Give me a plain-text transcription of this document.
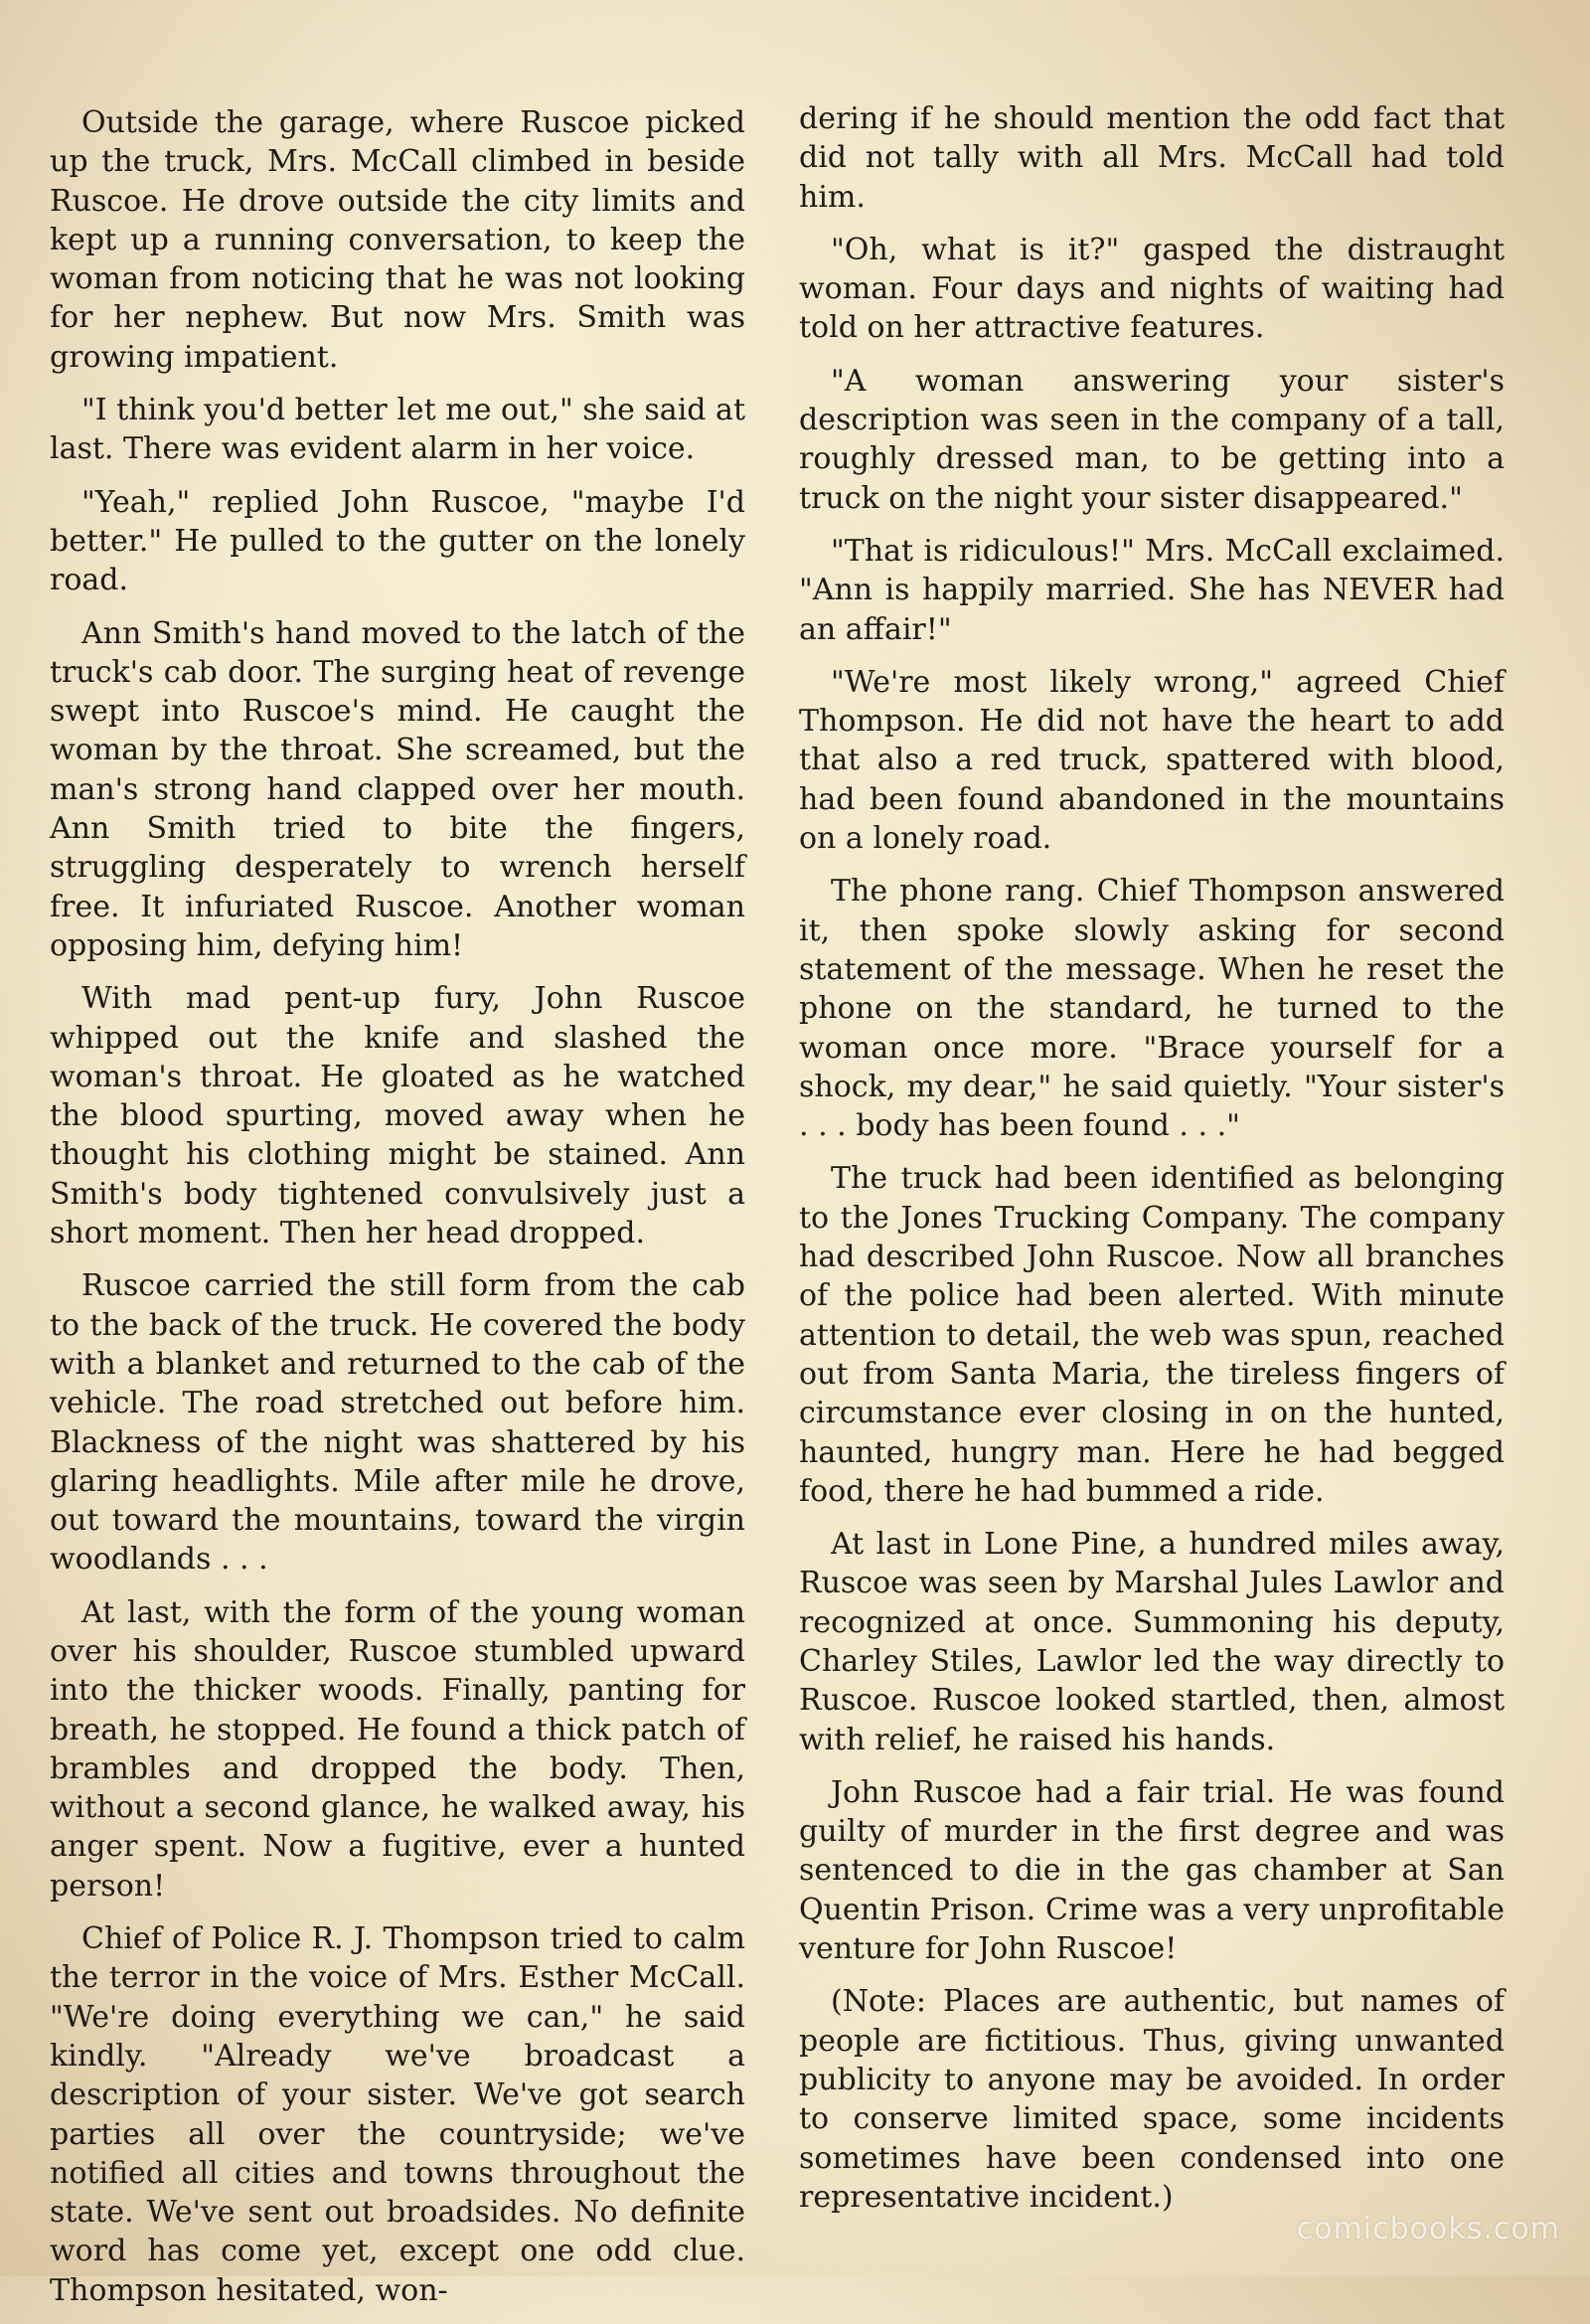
Outside the garage, where Ruscoe picked up the truck, Mrs. McCall climbed in beside Ruscoe. He drove outside the city limits and kept up a running conversation, to keep the woman from noticing that he was not looking for her nephew. But now Mrs. Smith was growing impatient.

"I think you'd better let me out," she said at last. There was evident alarm in her voice.

"Yeah," replied John Ruscoe, "maybe I'd better." He pulled to the gutter on the lonely road.

Ann Smith's hand moved to the latch of the truck's cab door. The surging heat of revenge swept into Ruscoe's mind. He caught the woman by the throat. She screamed, but the man's strong hand clapped over her mouth. Ann Smith tried to bite the fingers, struggling desperately to wrench herself free. It infuriated Ruscoe. Another woman opposing him, defying him!

With mad pent-up fury, John Ruscoe whipped out the knife and slashed the woman's throat. He gloated as he watched the blood spurting, moved away when he thought his clothing might be stained. Ann Smith's body tightened convulsively just a short moment. Then her head dropped.

Ruscoe carried the still form from the cab to the back of the truck. He covered the body with a blanket and returned to the cab of the vehicle. The road stretched out before him. Blackness of the night was shattered by his glaring headlights. Mile after mile he drove, out toward the mountains, toward the virgin woodlands . . .

At last, with the form of the young woman over his shoulder, Ruscoe stumbled upward into the thicker woods. Finally, panting for breath, he stopped. He found a thick patch of brambles and dropped the body. Then, without a second glance, he walked away, his anger spent. Now a fugitive, ever a hunted person!

Chief of Police R. J. Thompson tried to calm the terror in the voice of Mrs. Esther McCall. "We're doing everything we can," he said kindly. "Already we've broadcast a description of your sister. We've got search parties all over the countryside; we've notified all cities and towns throughout the state. We've sent out broadsides. No definite word has come yet, except one odd clue. Thompson hesitated, won-

dering if he should mention the odd fact that did not tally with all Mrs. McCall had told him.

"Oh, what is it?" gasped the distraught woman. Four days and nights of waiting had told on her attractive features.

"A woman answering your sister's description was seen in the company of a tall, roughly dressed man, to be getting into a truck on the night your sister disappeared."

"That is ridiculous!" Mrs. McCall exclaimed. "Ann is happily married. She has NEVER had an affair!"

"We're most likely wrong," agreed Chief Thompson. He did not have the heart to add that also a red truck, spattered with blood, had been found abandoned in the mountains on a lonely road.

The phone rang. Chief Thompson answered it, then spoke slowly asking for second statement of the message. When he reset the phone on the standard, he turned to the woman once more. "Brace yourself for a shock, my dear," he said quietly. "Your sister's . . . body has been found . . ."

The truck had been identified as belonging to the Jones Trucking Company. The company had described John Ruscoe. Now all branches of the police had been alerted. With minute attention to detail, the web was spun, reached out from Santa Maria, the tireless fingers of circumstance ever closing in on the hunted, haunted, hungry man. Here he had begged food, there he had bummed a ride.

At last in Lone Pine, a hundred miles away, Ruscoe was seen by Marshal Jules Lawlor and recognized at once. Summoning his deputy, Charley Stiles, Lawlor led the way directly to Ruscoe. Ruscoe looked startled, then, almost with relief, he raised his hands.

John Ruscoe had a fair trial. He was found guilty of murder in the first degree and was sentenced to die in the gas chamber at San Quentin Prison. Crime was a very unprofitable venture for John Ruscoe!

(Note: Places are authentic, but names of people are fictitious. Thus, giving unwanted publicity to anyone may be avoided. In order to conserve limited space, some incidents sometimes have been condensed into one representative incident.)

comicbooks.com
